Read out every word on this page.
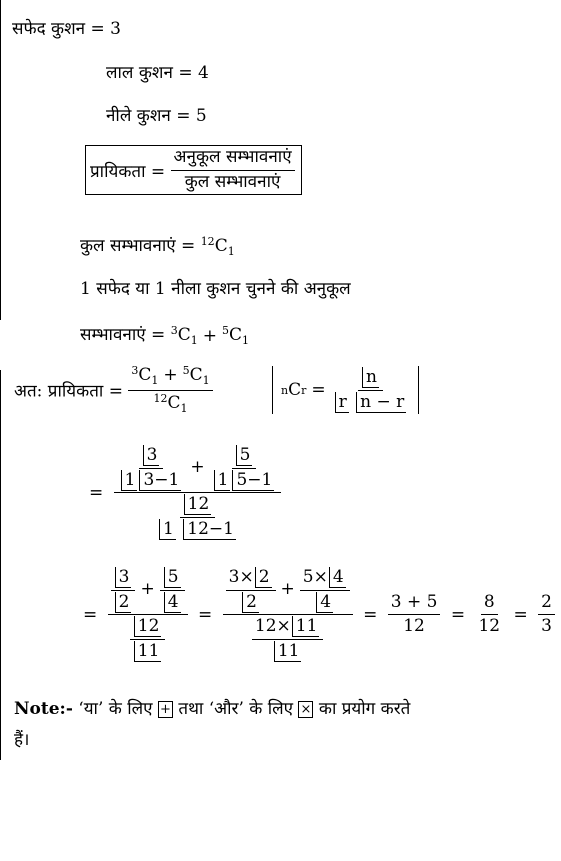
सफेद कुशन = 3
लाल कुशन = 4
नीले कुशन = 5
प्रायिकता =
$\frac{\text{अनुकूल सम्भावनाएं}}{\text{कुल सम्भावनाएं}}$
कुल सम्भावनाएं = $^{12}C_1$
1 सफेद या 1 नीला कुशन चुनने की अनुकूल
सम्भावनाएं = $^3C_1 + ^5C_1$
अत: प्रायिकता = $\frac{^3C_1 + ^5C_1}{^{12}C_1}$	n C $r = \frac{n}{\text{r n − r}}$
= $\frac{\frac{3}{1 3-1} + \frac{5}{1 5-1}}{\frac{12}{1 12-1}}$
= $\frac{\frac{3}{2} + \frac{5}{4}}{\frac{12}{11}} = \frac{\frac{3\times 2}{2} + \frac{5\times 4}{4}}{\frac{12\times 11}{11}} = \frac{3 + 5}{12} = \frac{8}{12} = \frac{2}{3}$
Note:- ‘या’ के लिए + तथा ‘और’ के लिए × का प्रयोग करते
हैं।
